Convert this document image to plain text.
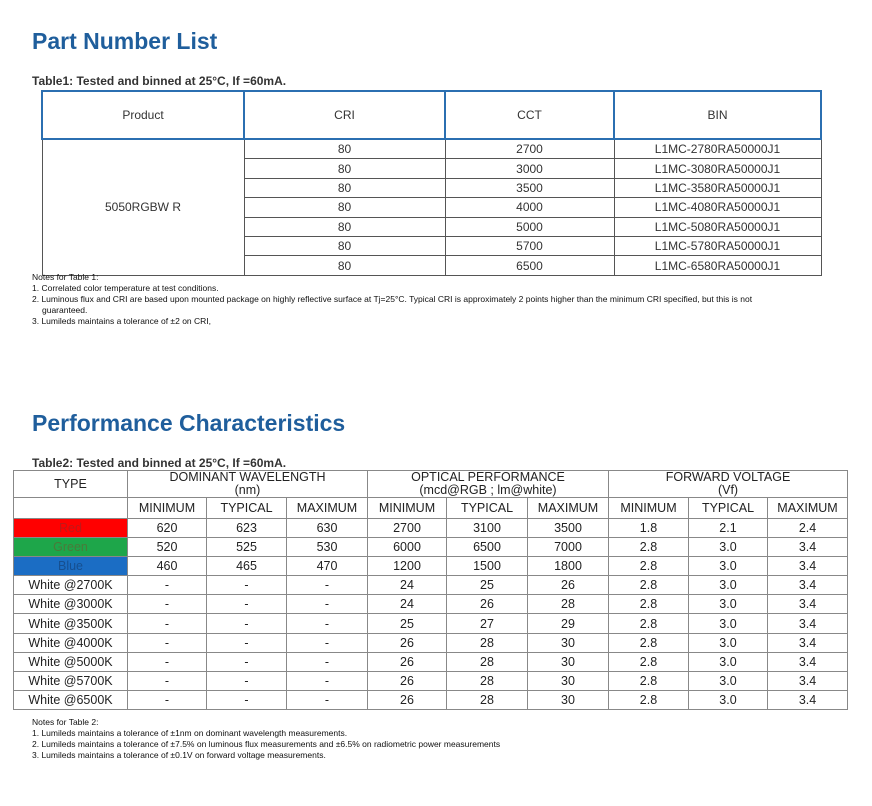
Part Number List
Table1: Tested and binned at 25°C, If =60mA.
Product	CRI	CCT	BIN
5050RGBW R	80	2700	L1MC-2780RA50000J1
	80	3000	L1MC-3080RA50000J1
	80	3500	L1MC-3580RA50000J1
	80	4000	L1MC-4080RA50000J1
	80	5000	L1MC-5080RA50000J1
	80	5700	L1MC-5780RA50000J1
	80	6500	L1MC-6580RA50000J1
Notes for Table 1:
1. Correlated color temperature at test conditions.
2. Luminous flux and CRI are based upon mounted package on highly reflective surface at Tj=25°C. Typical CRI is approximately 2 points higher than the minimum CRI specified, but this is not
guaranteed.
3. Lumileds maintains a tolerance of ±2 on CRI,
Performance Characteristics
Table2: Tested and binned at 25°C, If =60mA.
TYPE	DOMINANT WAVELENGTH			OPTICAL PERFORMANCE			FORWARD VOLTAGE		
	(nm)			(mcd@RGB ; lm@white)			(Vf)		
	MINIMUM	TYPICAL	MAXIMUM	MINIMUM	TYPICAL	MAXIMUM	MINIMUM	TYPICAL	MAXIMUM
Red	620	623	630	2700	3100	3500	1.8	2.1	2.4
Green	520	525	530	6000	6500	7000	2.8	3.0	3.4
Blue	460	465	470	1200	1500	1800	2.8	3.0	3.4
White @2700K	-	-	-	24	25	26	2.8	3.0	3.4
White @3000K	-	-	-	24	26	28	2.8	3.0	3.4
White @3500K	-	-	-	25	27	29	2.8	3.0	3.4
White @4000K	-	-	-	26	28	30	2.8	3.0	3.4
White @5000K	-	-	-	26	28	30	2.8	3.0	3.4
White @5700K	-	-	-	26	28	30	2.8	3.0	3.4
White @6500K	-	-	-	26	28	30	2.8	3.0	3.4
Notes for Table 2:
1. Lumileds maintains a tolerance of ±1nm on dominant wavelength measurements.
2. Lumileds maintains a tolerance of ±7.5% on luminous flux measurements and ±6.5% on radiometric power measurements
3. Lumileds maintains a tolerance of ±0.1V on forward voltage measurements.
